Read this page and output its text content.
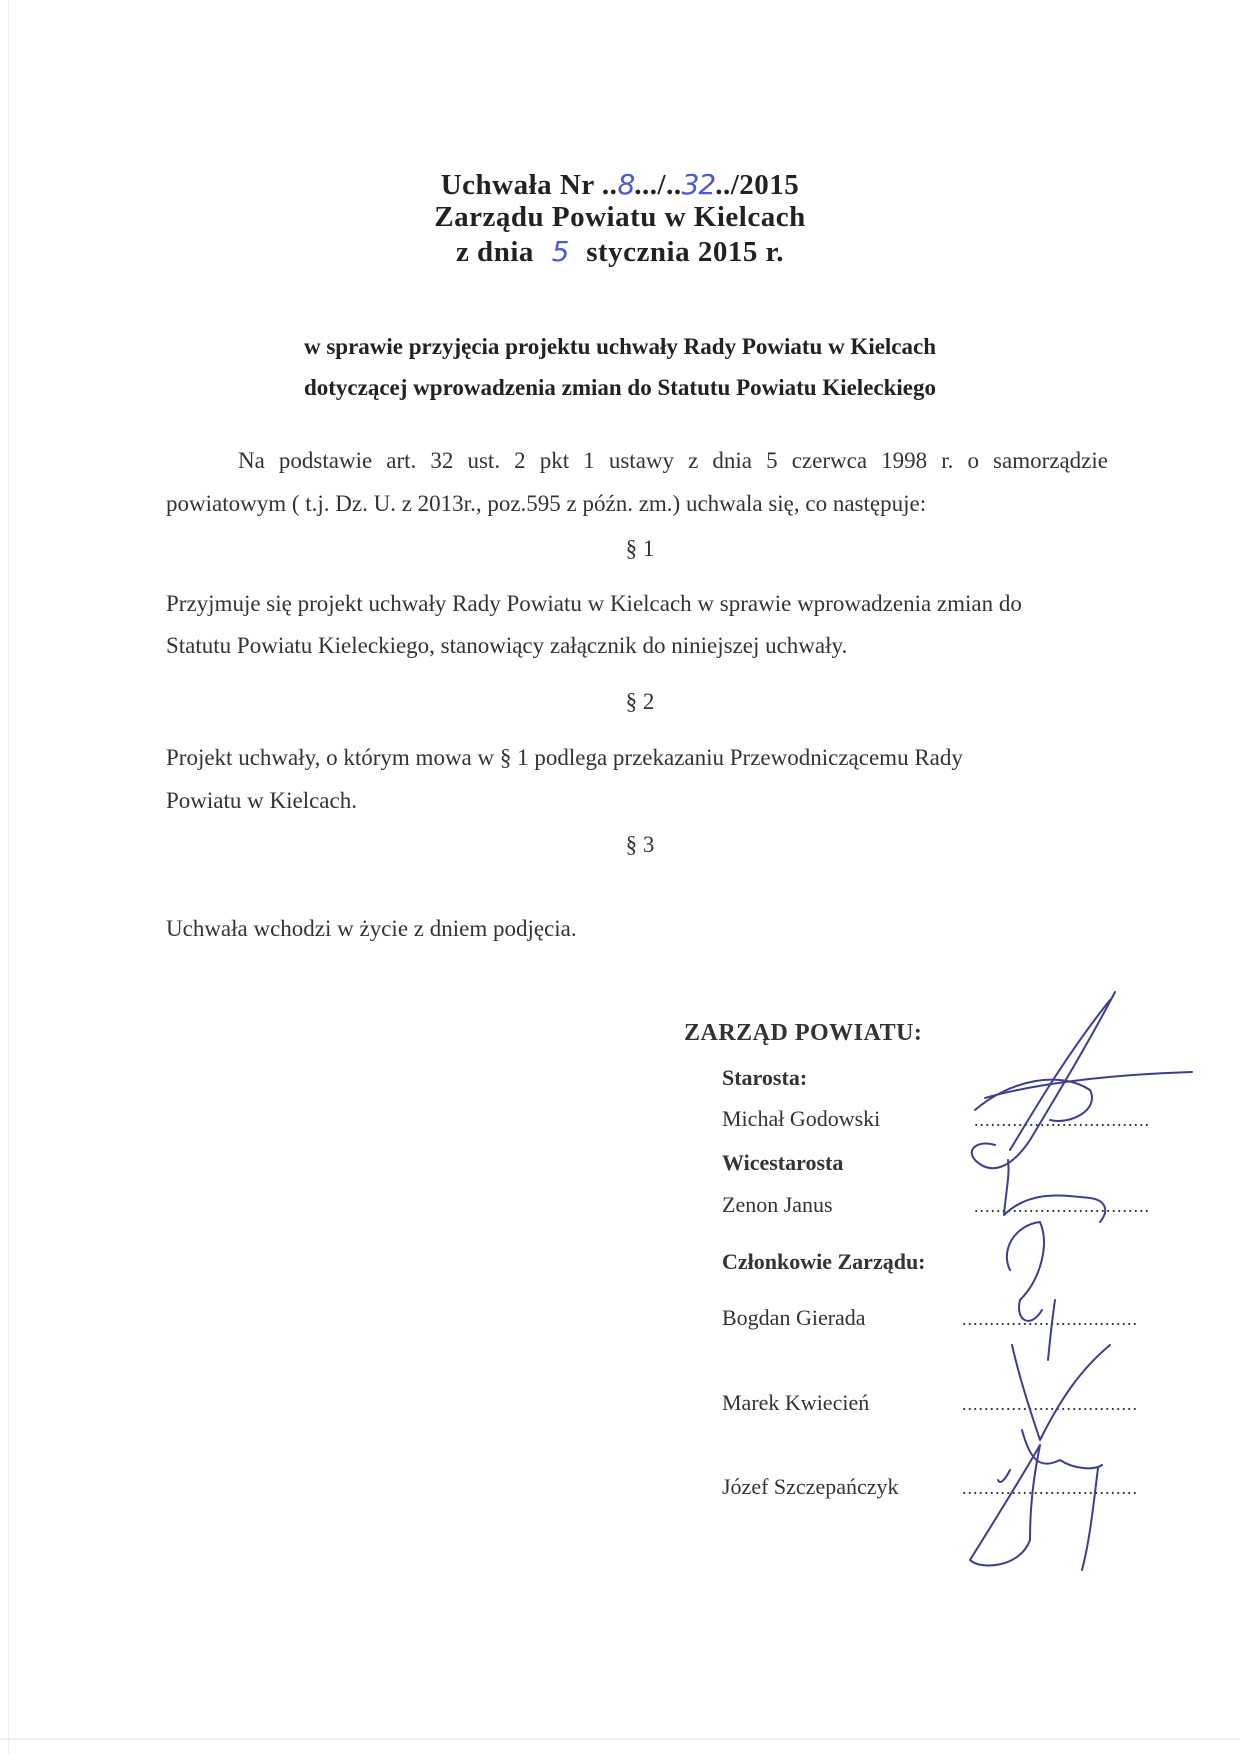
Uchwała Nr ..8.../..32../2015
Zarządu Powiatu w Kielcach
z dnia 5 stycznia 2015 r.
w sprawie przyjęcia projektu uchwały Rady Powiatu w Kielcach
dotyczącej wprowadzenia zmian do Statutu Powiatu Kieleckiego
Na podstawie art. 32 ust. 2 pkt 1 ustawy z dnia 5 czerwca 1998 r. o samorządzie
powiatowym ( t.j. Dz. U. z 2013r., poz.595 z późn. zm.) uchwala się, co następuje:
§ 1
Przyjmuje się projekt uchwały Rady Powiatu w Kielcach w sprawie wprowadzenia zmian do
Statutu Powiatu Kieleckiego, stanowiący załącznik do niniejszej uchwały.
§ 2
Projekt uchwały, o którym mowa w § 1 podlega przekazaniu Przewodniczącemu Rady
Powiatu w Kielcach.
§ 3
Uchwała wchodzi w życie z dniem podjęcia.
ZARZĄD POWIATU:
Starosta:
Michał Godowski	................................
Wicestarosta
Zenon Janus	................................
Członkowie Zarządu:
Bogdan Gierada	................................
Marek Kwiecień	................................
Józef Szczepańczyk	................................
